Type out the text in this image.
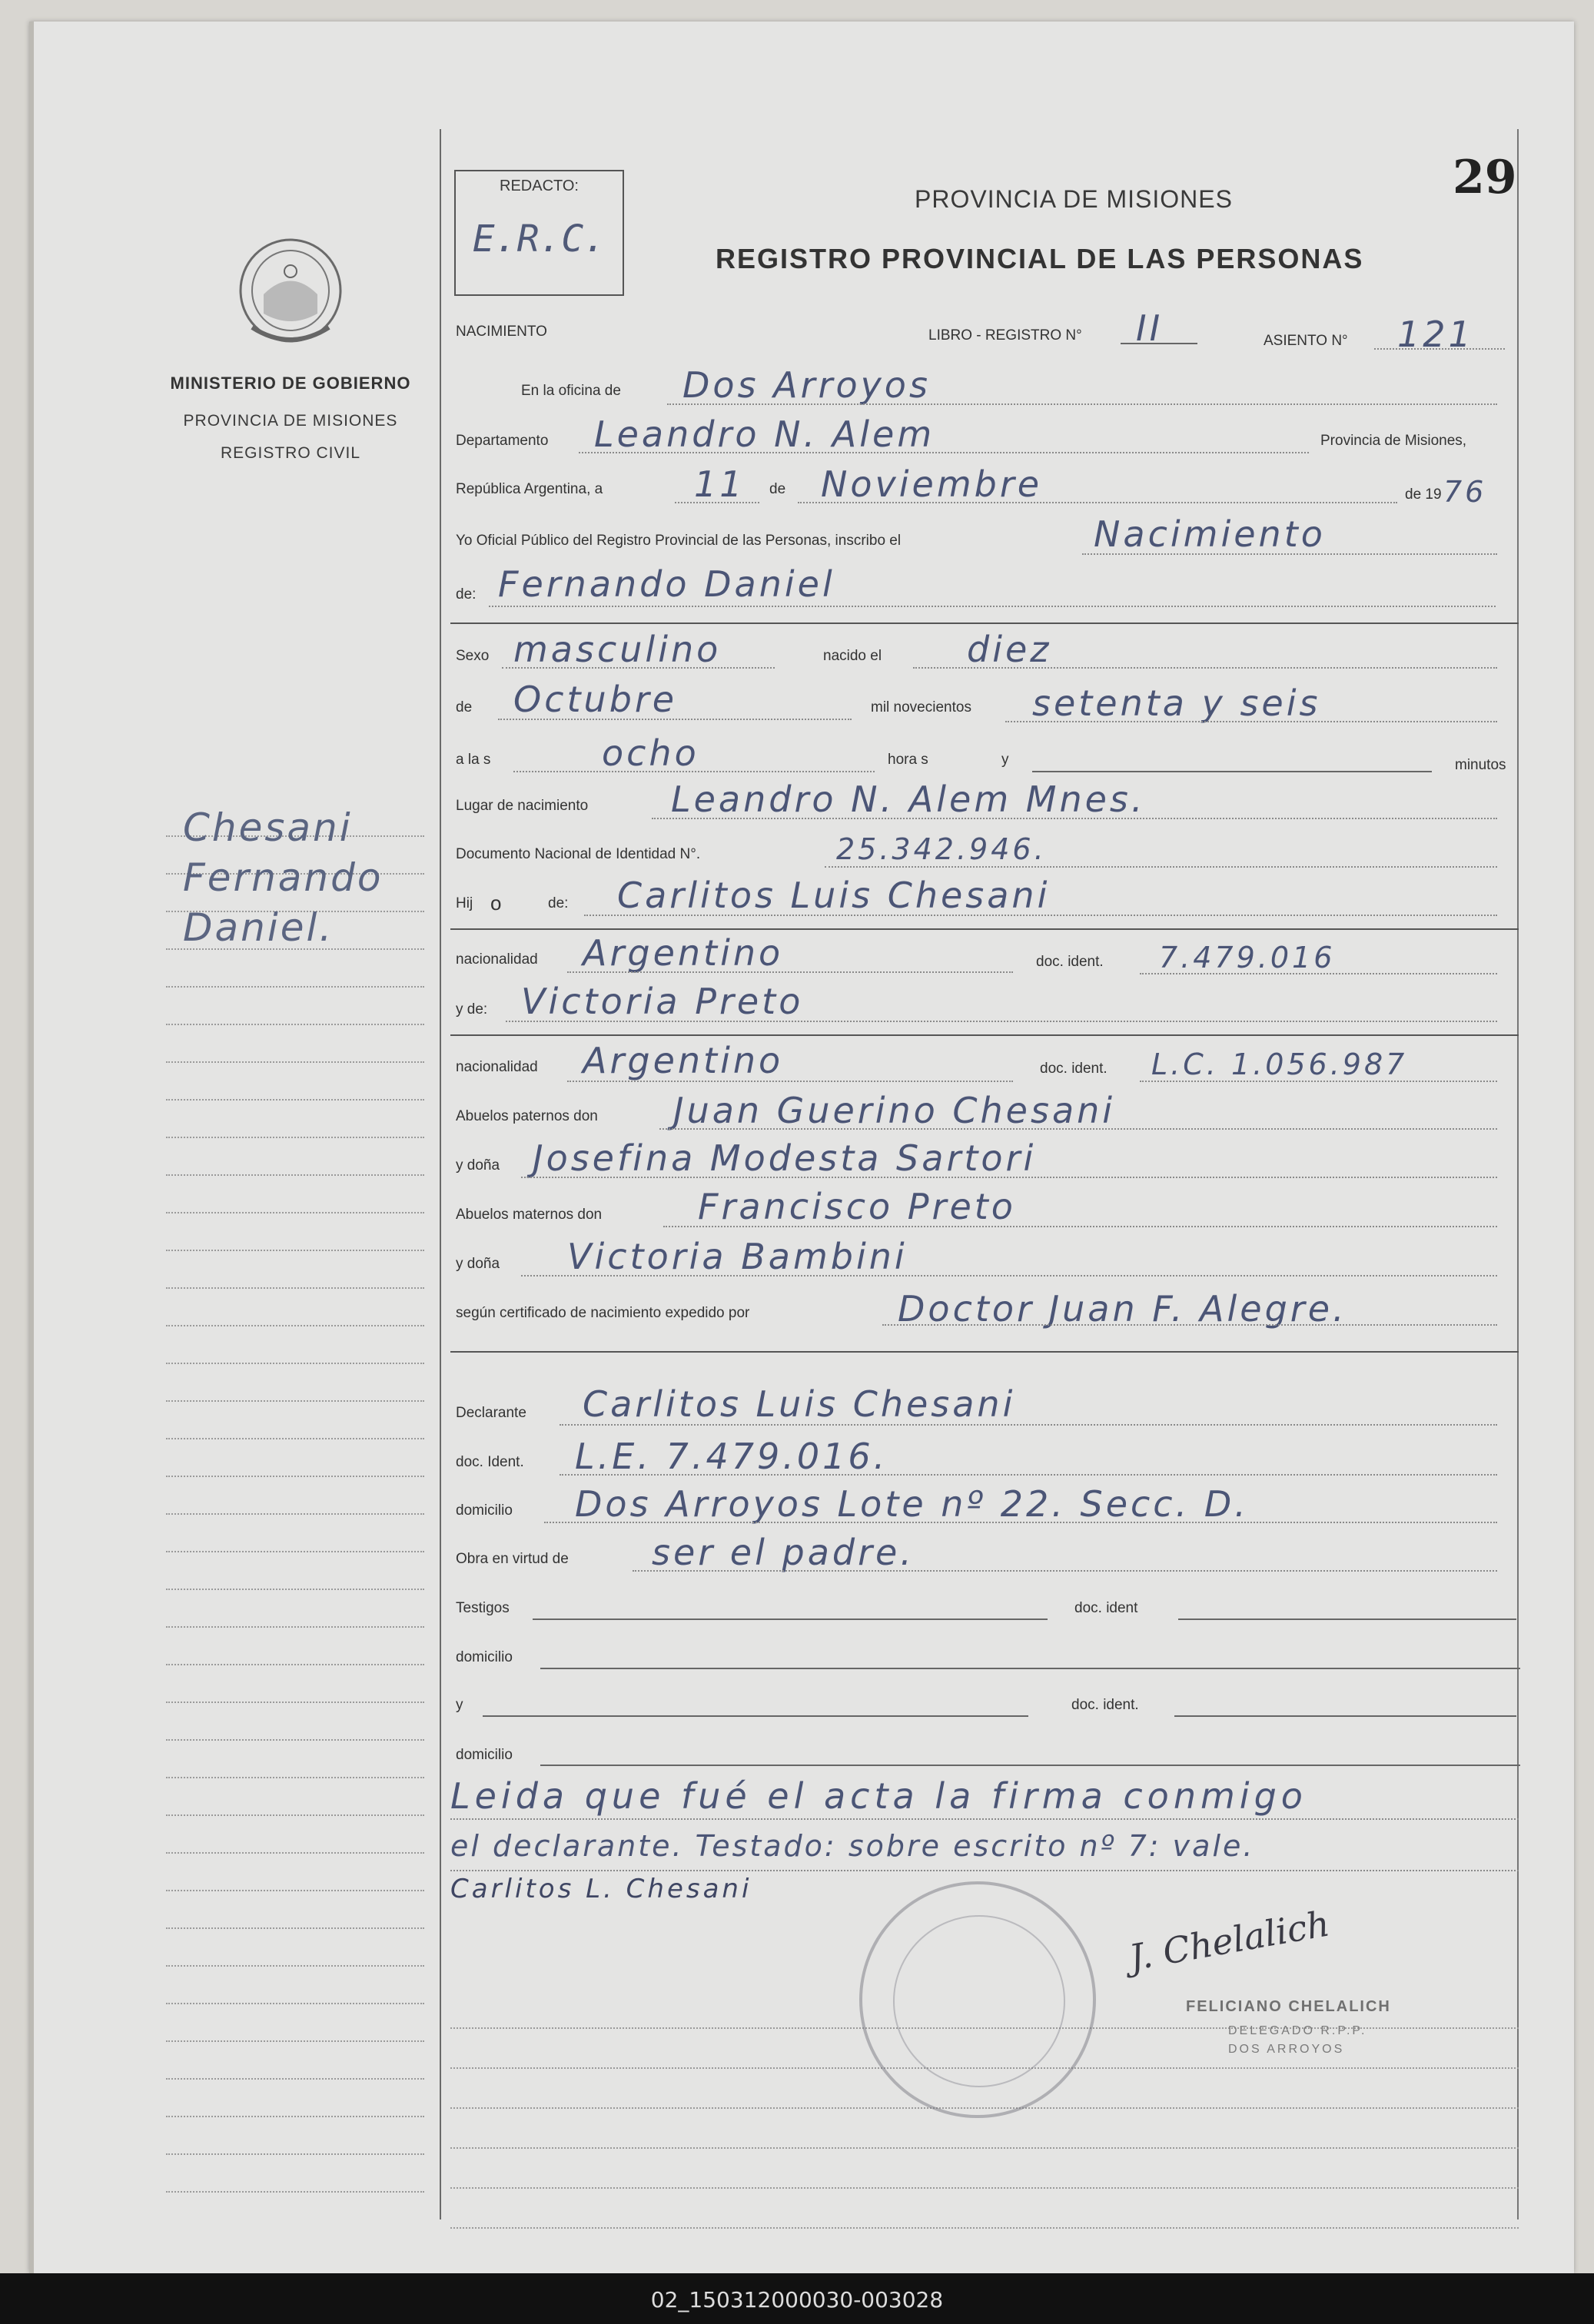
REDACTO:
E.R.C.
PROVINCIA DE MISIONES
REGISTRO PROVINCIAL DE LAS PERSONAS
29
MINISTERIO DE GOBIERNO
PROVINCIA DE MISIONES
REGISTRO CIVIL
Chesani
Fernando
Daniel.
NACIMIENTO	LIBRO - REGISTRO N° II	ASIENTO N° 121
En la oficina de Dos Arroyos
Departamento Leandro N. Alem	Provincia de Misiones,
República Argentina, a	11 de Noviembre	de 19 76
Yo Oficial Público del Registro Provincial de las Personas, inscribo el	Nacimiento
de: Fernando Daniel
Sexo masculino	nacido el diez
de Octubre	mil novecientos setenta y seis
a la s	ocho	hora s	y	minutos
Lugar de nacimiento Leandro N. Alem Mnes.
Documento Nacional de Identidad N°.	25.342.946.
Hij o	de: Carlitos Luis Chesani
nacionalidad Argentino	doc. ident. 7.479.016
y de: Victoria Preto
nacionalidad Argentino	doc. ident. L.C. 1.056.987
Abuelos paternos don Juan Guerino Chesani
y doña Josefina Modesta Sartori
Abuelos maternos don	Francisco Preto
y doña Victoria Bambini
según certificado de nacimiento expedido por	Doctor Juan F. Alegre.
Declarante Carlitos Luis Chesani
doc. Ident. L.E. 7.479.016.
domicilio Dos Arroyos Lote nº 22. Secc. D.
Obra en virtud de ser el padre.
Testigos	doc. ident
domicilio
y	doc. ident.
domicilio
Leida que fué el acta la firma conmigo
el declarante. Testado: sobre escrito nº 7: vale.
Carlitos L. Chesani
J. Chelalich
FELICIANO CHELALICH
DELEGADO R.P.P.
DOS ARROYOS
02_150312000030-003028
